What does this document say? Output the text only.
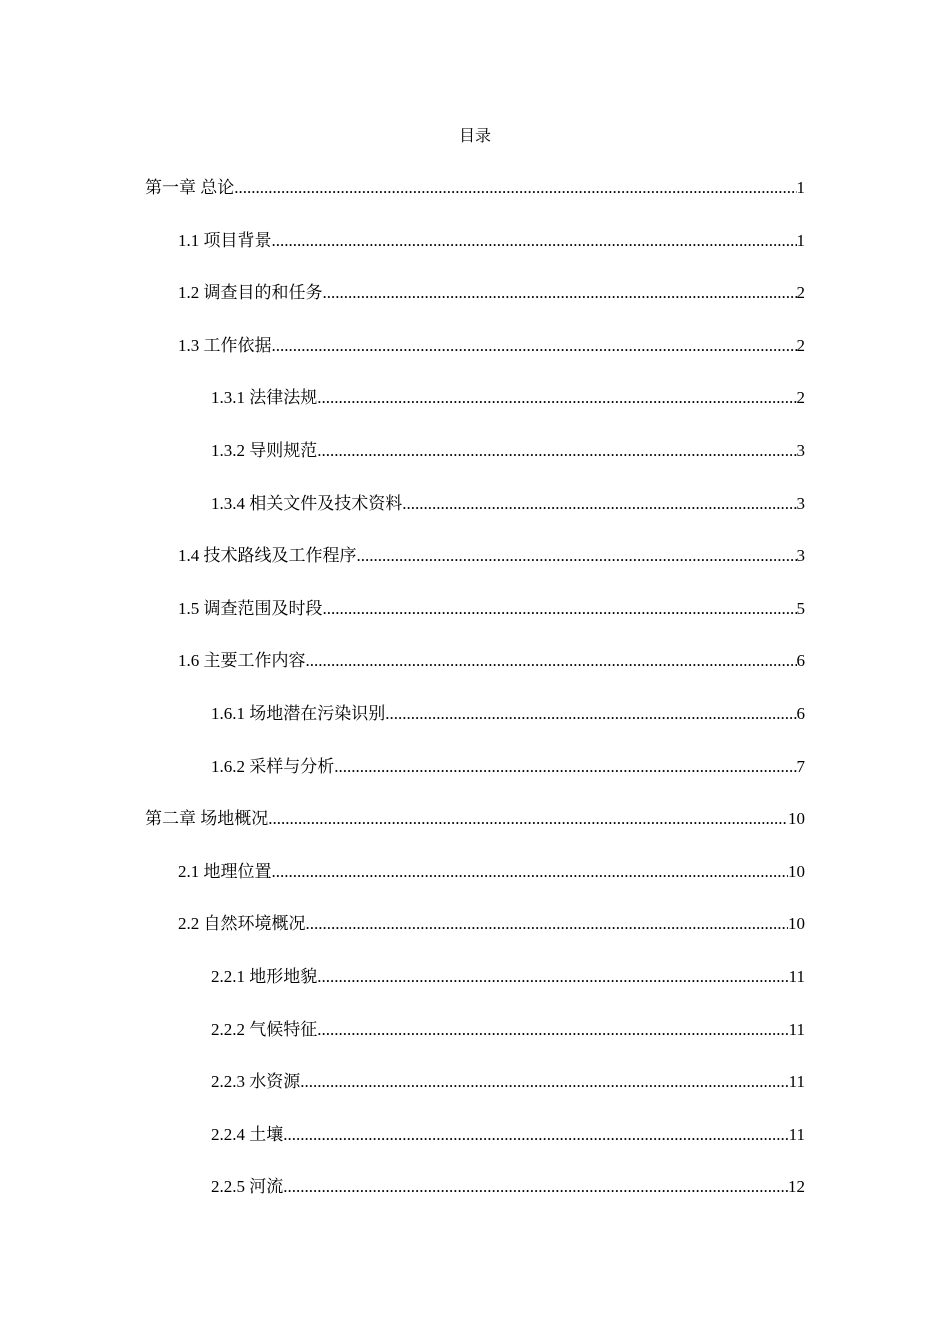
目录
第一章 总论 .....	1
1.1 项目背景 .....	1
1.2 调查目的和任务 .....	2
1.3 工作依据 .....	2
1.3.1 法律法规 .....	2
1.3.2 导则规范 .....	3
1.3.4 相关文件及技术资料 .....	3
1.4 技术路线及工作程序 .....	3
1.5 调查范围及时段 .....	5
1.6 主要工作内容 .....	6
1.6.1 场地潜在污染识别 .....	6
1.6.2 采样与分析 .....	7
第二章 场地概况 .....	10
2.1 地理位置 .....	10
2.2 自然环境概况 .....	10
2.2.1 地形地貌 .....	11
2.2.2 气候特征 .....	11
2.2.3 水资源 .....	11
2.2.4 土壤 .....	11
2.2.5 河流 .....	12
